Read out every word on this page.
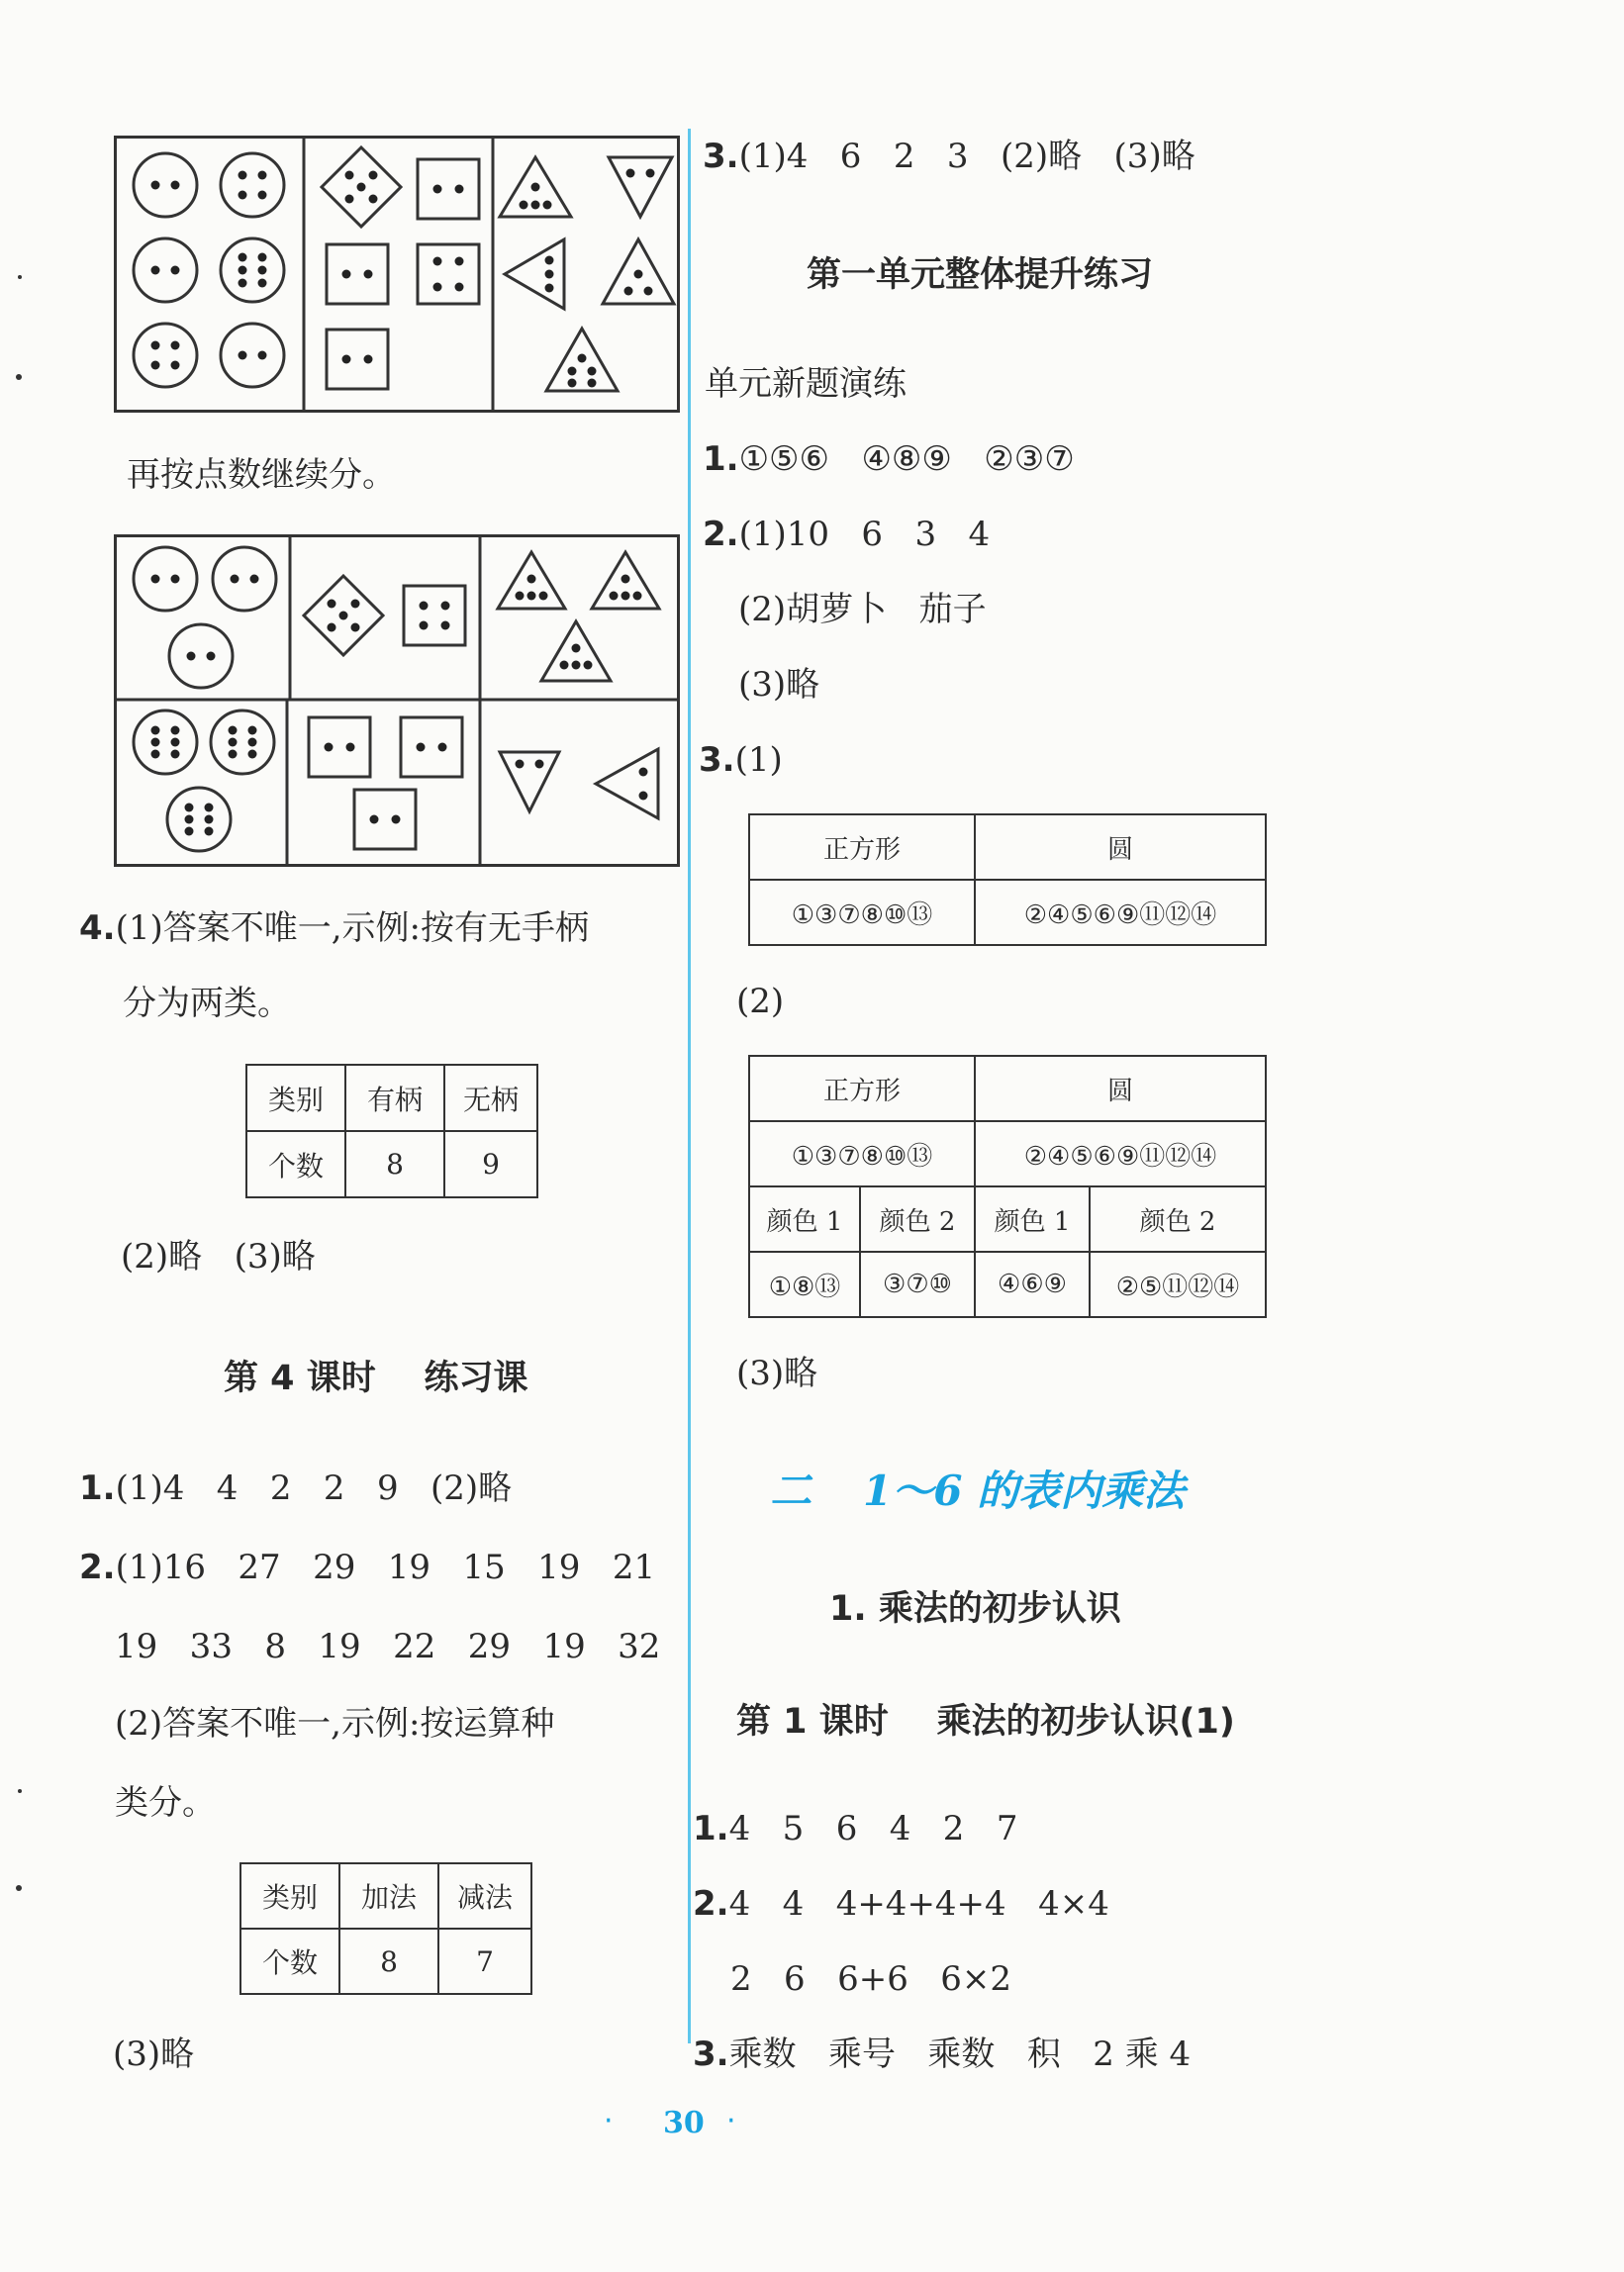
再按点数继续分。
4.(1)答案不唯一,示例:按有无手柄
分为两类。
类别	有柄	无柄
个数	8	9
(2)略   (3)略
第 4 课时    练习课
1.(1)4   4   2   2   9   (2)略
2.(1)16   27   29   19   15   19   21
19   33   8   19   22   29   19   32
(2)答案不唯一,示例:按运算种
类分。
类别	加法	减法
个数	8	7
(3)略
3.(1)4   6   2   3   (2)略   (3)略
第一单元整体提升练习
单元新题演练
1.①⑤⑥   ④⑧⑨   ②③⑦
2.(1)10   6   3   4
(2)胡萝卜   茄子
(3)略
3.(1)
正方形	圆
①③⑦⑧⑩⑬	②④⑤⑥⑨⑪⑫⑭
(2)
正方形		圆	
①③⑦⑧⑩⑬		②④⑤⑥⑨⑪⑫⑭	
颜色 1	颜色 2	颜色 1	颜色 2
①⑧⑬	③⑦⑩	④⑥⑨	②⑤⑪⑫⑭
(3)略
二 1～6 的表内乘法
1. 乘法的初步认识
第 1 课时    乘法的初步认识(1)
1.4   5   6   4   2   7
2.4   4   4+4+4+4   4×4
2   6   6+6   6×2
3.乘数   乘号   乘数   积   2 乘 4
· 30 ·
